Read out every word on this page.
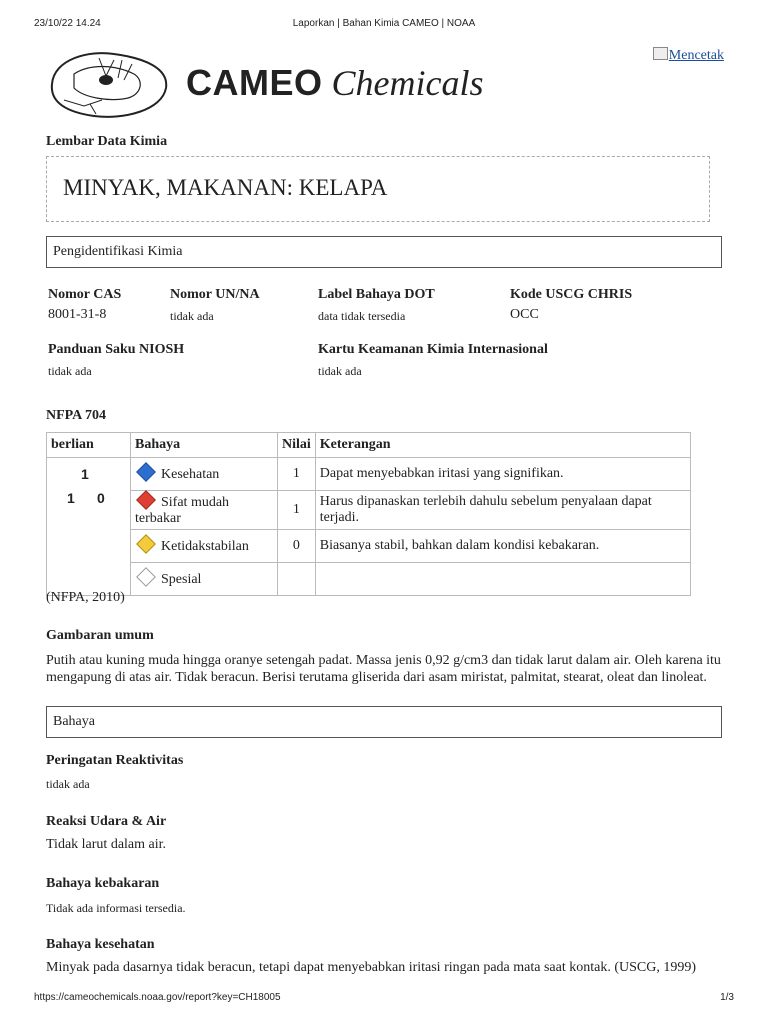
23/10/22 14.24	Laporkan | Bahan Kimia CAMEO | NOAA
CAMEO Chemicals
Mencetak
Lembar Data Kimia
MINYAK, MAKANAN: KELAPA
Pengidentifikasi Kimia
Nomor CAS
8001-31-8
Nomor UN/NA
tidak ada
Label Bahaya DOT
data tidak tersedia
Kode USCG CHRIS
OCC
Panduan Saku NIOSH
tidak ada
Kartu Keamanan Kimia Internasional
tidak ada
NFPA 704
berlian	Bahaya	Nilai	Keterangan

1
1 0	Kesehatan	1	Dapat menyebabkan iritasi yang signifikan.
	Sifat mudah terbakar	1	Harus dipanaskan terlebih dahulu sebelum penyalaan dapat terjadi.
	Ketidakstabilan	0	Biasanya stabil, bahkan dalam kondisi kebakaran.
	Spesial		
(NFPA, 2010)
Gambaran umum
Putih atau kuning muda hingga oranye setengah padat. Massa jenis 0,92 g/cm3 dan tidak larut dalam air. Oleh karena itu
mengapung di atas air. Tidak beracun. Berisi terutama gliserida dari asam miristat, palmitat, stearat, oleat dan linoleat.
Bahaya
Peringatan Reaktivitas
tidak ada
Reaksi Udara & Air
Tidak larut dalam air.
Bahaya kebakaran
Tidak ada informasi tersedia.
Bahaya kesehatan
Minyak pada dasarnya tidak beracun, tetapi dapat menyebabkan iritasi ringan pada mata saat kontak. (USCG, 1999)
https://cameochemicals.noaa.gov/report?key=CH18005	1/3
